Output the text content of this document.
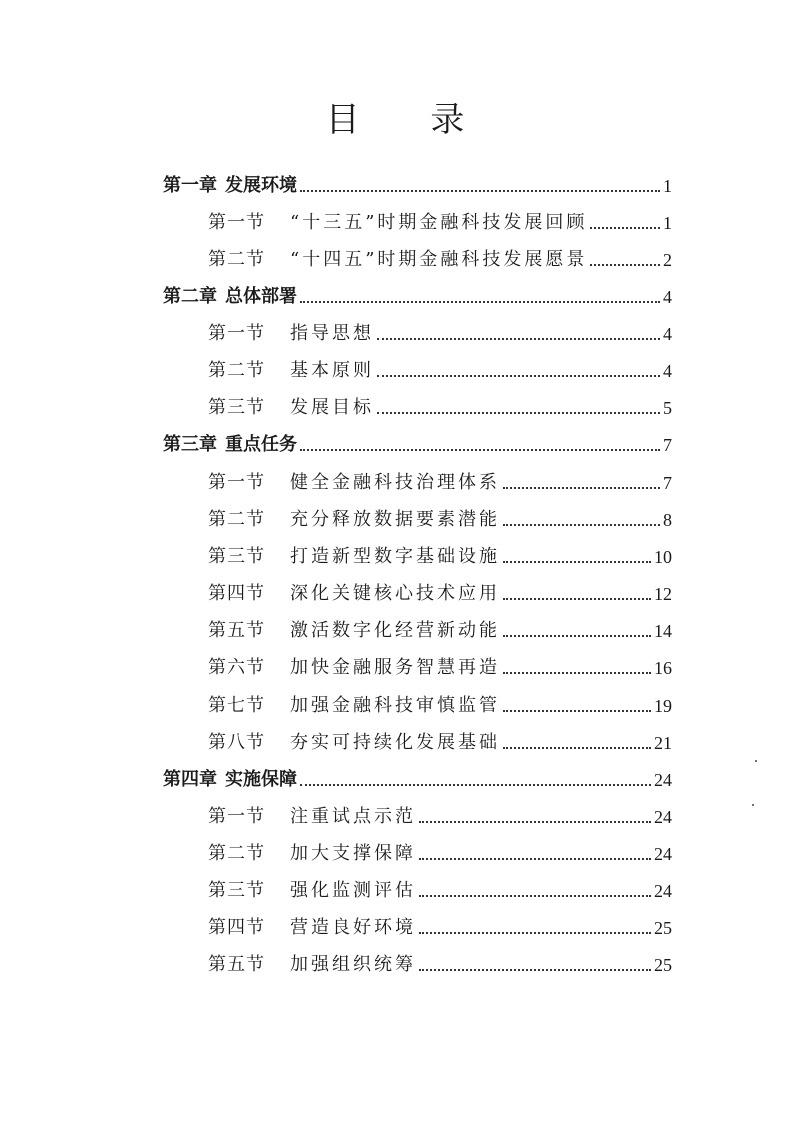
目 录
第一章 发展环境	1
第一节 “十三五”时期金融科技发展回顾	1
第二节 “十四五”时期金融科技发展愿景	2
第二章 总体部署	4
第一节 指导思想	4
第二节 基本原则	4
第三节 发展目标	5
第三章 重点任务	7
第一节 健全金融科技治理体系	7
第二节 充分释放数据要素潜能	8
第三节 打造新型数字基础设施	10
第四节 深化关键核心技术应用	12
第五节 激活数字化经营新动能	14
第六节 加快金融服务智慧再造	16
第七节 加强金融科技审慎监管	19
第八节 夯实可持续化发展基础	21
第四章 实施保障	24
第一节 注重试点示范	24
第二节 加大支撑保障	24
第三节 强化监测评估	24
第四节 营造良好环境	25
第五节 加强组织统筹	25
